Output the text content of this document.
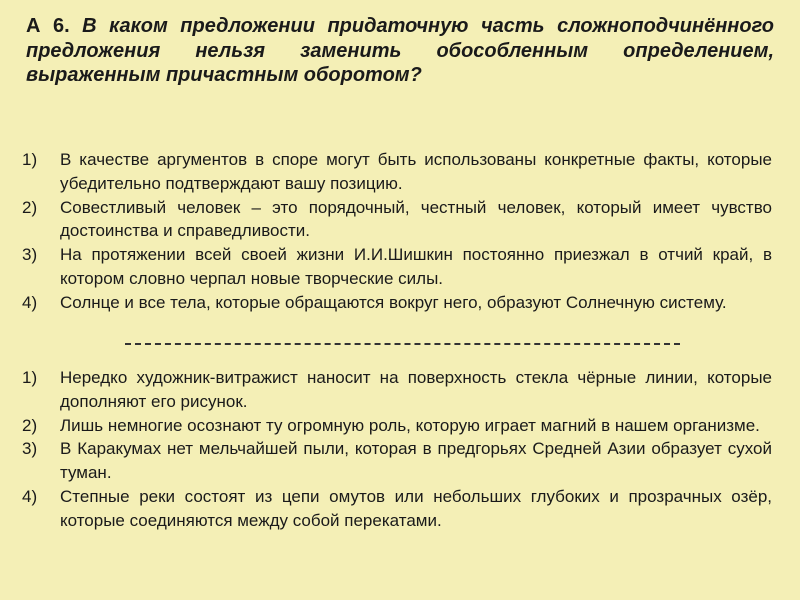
А 6. В каком предложении придаточную часть сложноподчинённого предложения нельзя заменить обособленным определением, выраженным причастным оборотом?

1) В качестве аргументов в споре могут быть использованы конкретные факты, которые убедительно подтверждают вашу позицию.
2) Совестливый человек – это порядочный, честный человек, который имеет чувство достоинства и справедливости.
3) На протяжении всей своей жизни И.И.Шишкин постоянно приезжал в отчий край, в котором словно черпал новые творческие силы.
4) Солнце и все тела, которые обращаются вокруг него, образуют Солнечную систему.
1) Нередко художник-витражист наносит на поверхность стекла чёрные линии, которые дополняют его рисунок.
2) Лишь немногие осознают ту огромную роль, которую играет магний в нашем организме.
3) В Каракумах нет мельчайшей пыли, которая в предгорьях Средней Азии образует сухой туман.
4) Степные реки состоят из цепи омутов или небольших глубоких и прозрачных озёр, которые соединяются между собой перекатами.
